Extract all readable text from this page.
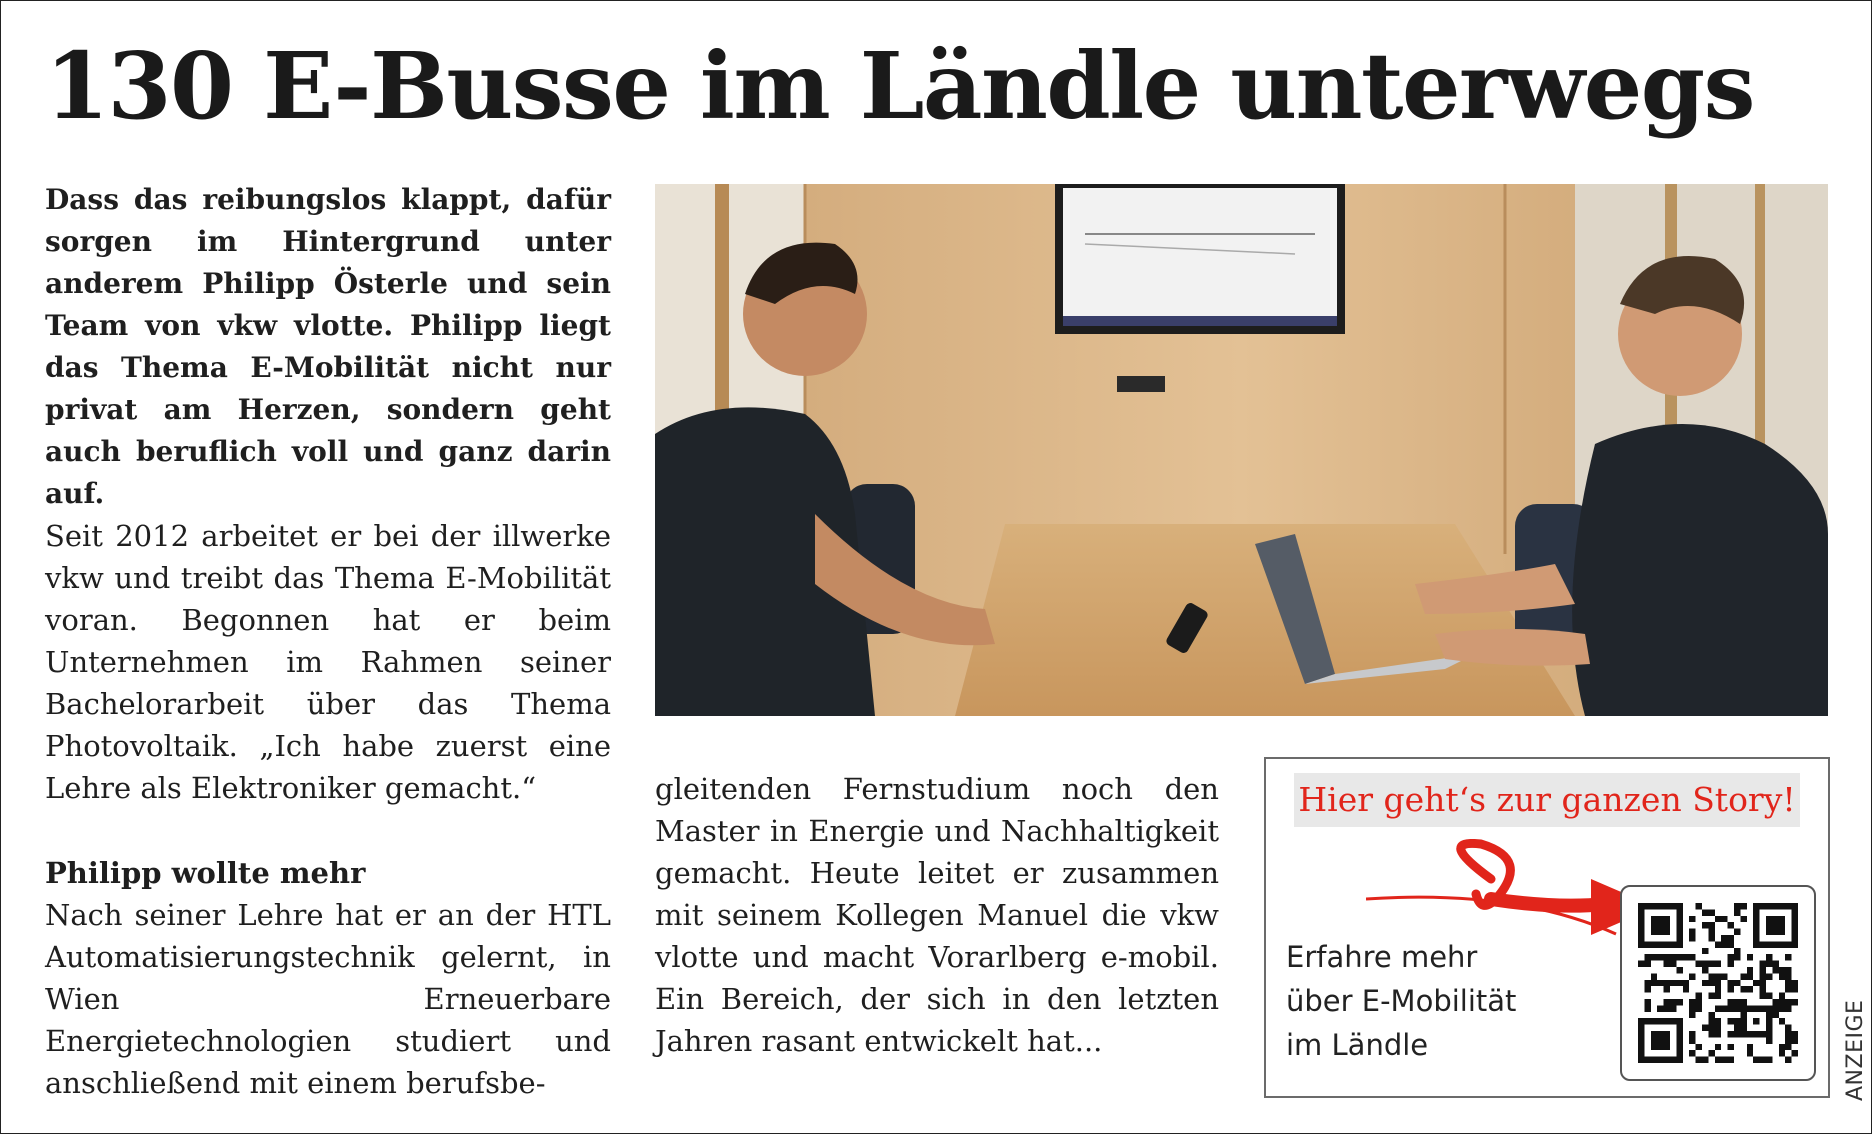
130 E-Busse im Ländle unterwegs

Dass das reibungslos klappt, dafür sorgen im Hintergrund unter anderem Philipp Österle und sein Team von vkw vlotte. Philipp liegt das Thema E-Mobilität nicht nur privat am Herzen, sondern geht auch beruflich voll und ganz darin auf.

Seit 2012 arbeitet er bei der illwerke vkw und treibt das Thema E-Mobilität voran. Begonnen hat er beim Unternehmen im Rahmen seiner Bachelorarbeit über das Thema Photovoltaik. „Ich habe zuerst eine Lehre als Elektroniker gemacht.“

Philipp wollte mehr

Nach seiner Lehre hat er an der HTL Automatisierungstechnik gelernt, in Wien Erneuerbare Energietechnologien studiert und anschließend mit einem berufsbe-

gleitenden Fernstudium noch den Master in Energie und Nachhaltigkeit gemacht. Heute leitet er zusammen mit seinem Kollegen Manuel die vkw vlotte und macht Vorarlberg e-mobil. Ein Bereich, der sich in den letzten Jahren rasant entwickelt hat...

Hier geht‘s zur ganzen Story!
Erfahre mehr
über E-Mobilität
im Ländle	ANZEIGE
